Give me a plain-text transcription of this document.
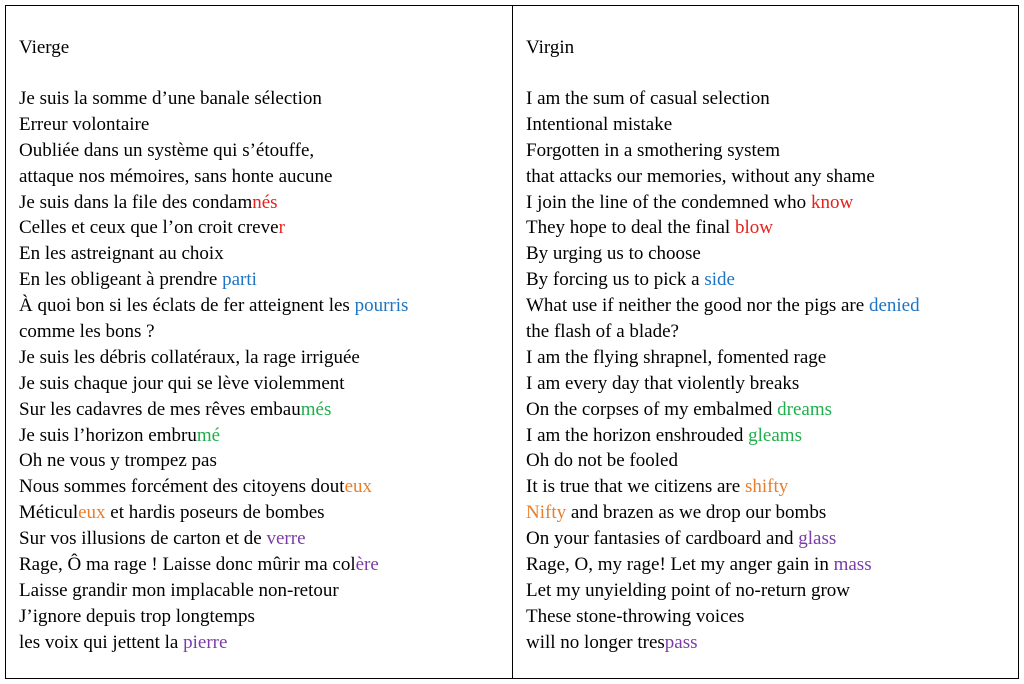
Vierge
Je suis la somme d’une banale sélection
Erreur volontaire
Oubliée dans un système qui s’étouffe,
attaque nos mémoires, sans honte aucune
Je suis dans la file des condamnés
Celles et ceux que l’on croit crever
En les astreignant au choix
En les obligeant à prendre parti
À quoi bon si les éclats de fer atteignent les pourris
comme les bons ?
Je suis les débris collatéraux, la rage irriguée
Je suis chaque jour qui se lève violemment
Sur les cadavres de mes rêves embaumés
Je suis l’horizon embrumé
Oh ne vous y trompez pas
Nous sommes forcément des citoyens douteux
Méticuleux et hardis poseurs de bombes
Sur vos illusions de carton et de verre
Rage, Ô ma rage ! Laisse donc mûrir ma colère
Laisse grandir mon implacable non-retour
J’ignore depuis trop longtemps
les voix qui jettent la pierre
Virgin
I am the sum of casual selection
Intentional mistake
Forgotten in a smothering system
that attacks our memories, without any shame
I join the line of the condemned who know
They hope to deal the final blow
By urging us to choose
By forcing us to pick a side
What use if neither the good nor the pigs are denied
the flash of a blade?
I am the flying shrapnel, fomented rage
I am every day that violently breaks
On the corpses of my embalmed dreams
I am the horizon enshrouded gleams
Oh do not be fooled
It is true that we citizens are shifty
Nifty and brazen as we drop our bombs
On your fantasies of cardboard and glass
Rage, O, my rage! Let my anger gain in mass
Let my unyielding point of no-return grow
These stone-throwing voices
will no longer trespass
